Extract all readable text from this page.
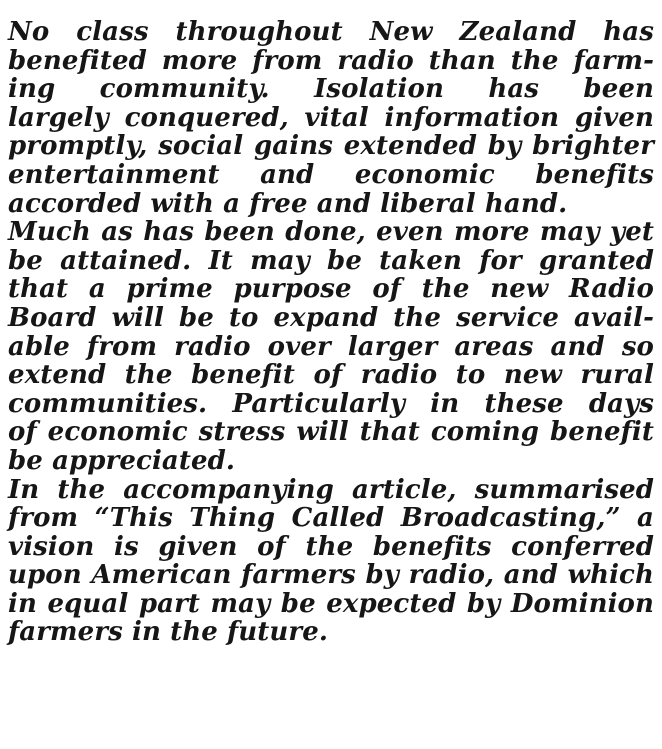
No class throughout New Zealand has
benefited more from radio than the farm-
ing community. Isolation has been
largely conquered, vital information given
promptly, social gains extended by brighter
entertainment and economic benefits
accorded with a free and liberal hand.
Much as has been done, even more may yet
be attained. It may be taken for granted
that a prime purpose of the new Radio
Board will be to expand the service avail-
able from radio over larger areas and so
extend the benefit of radio to new rural
communities. Particularly in these days
of economic stress will that coming benefit
be appreciated.
In the accompanying article, summarised
from “This Thing Called Broadcasting,” a
vision is given of the benefits conferred
upon American farmers by radio, and which
in equal part may be expected by Dominion
farmers in the future.
